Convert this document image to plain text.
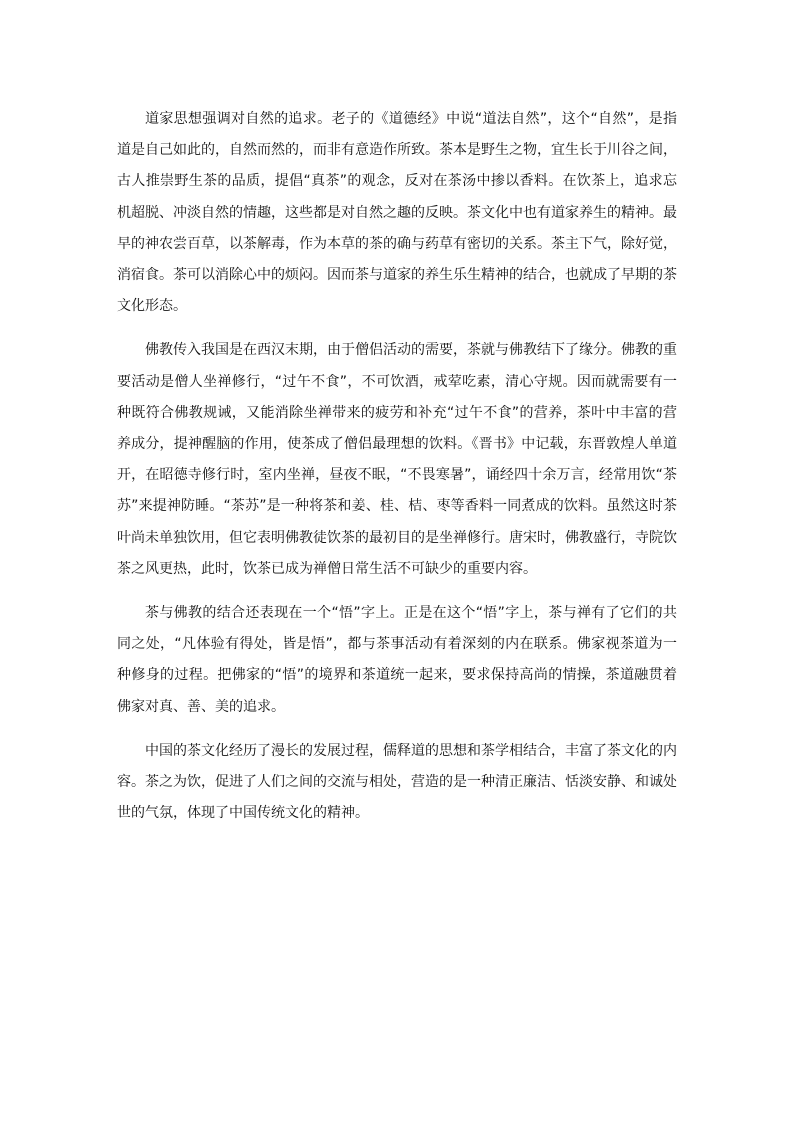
道家思想强调对自然的追求。老子的《道德经》中说“道法自然”，这个“自然”，是指道是自己如此的，自然而然的，而非有意造作所致。茶本是野生之物，宜生长于川谷之间，古人推崇野生茶的品质，提倡“真茶”的观念，反对在茶汤中掺以香料。在饮茶上，追求忘机超脱、冲淡自然的情趣，这些都是对自然之趣的反映。茶文化中也有道家养生的精神。最早的神农尝百草，以茶解毒，作为本草的茶的确与药草有密切的关系。茶主下气，除好觉，消宿食。茶可以消除心中的烦闷。因而茶与道家的养生乐生精神的结合，也就成了早期的茶文化形态。

佛教传入我国是在西汉末期，由于僧侣活动的需要，茶就与佛教结下了缘分。佛教的重要活动是僧人坐禅修行，“过午不食”，不可饮酒，戒荤吃素，清心守规。因而就需要有一种既符合佛教规诫，又能消除坐禅带来的疲劳和补充“过午不食”的营养，茶叶中丰富的营养成分，提神醒脑的作用，使茶成了僧侣最理想的饮料。《晋书》中记载，东晋敦煌人单道开，在昭德寺修行时，室内坐禅，昼夜不眠，“不畏寒暑”，诵经四十余万言，经常用饮“茶苏”来提神防睡。“茶苏”是一种将茶和姜、桂、桔、枣等香料一同煮成的饮料。虽然这时茶叶尚未单独饮用，但它表明佛教徒饮茶的最初目的是坐禅修行。唐宋时，佛教盛行，寺院饮茶之风更热，此时，饮茶已成为禅僧日常生活不可缺少的重要内容。

茶与佛教的结合还表现在一个“悟”字上。正是在这个“悟”字上，茶与禅有了它们的共同之处，“凡体验有得处，皆是悟”，都与茶事活动有着深刻的内在联系。佛家视茶道为一种修身的过程。把佛家的“悟”的境界和茶道统一起来，要求保持高尚的情操，茶道融贯着佛家对真、善、美的追求。

中国的茶文化经历了漫长的发展过程，儒释道的思想和茶学相结合，丰富了茶文化的内容。茶之为饮，促进了人们之间的交流与相处，营造的是一种清正廉洁、恬淡安静、和诚处世的气氛，体现了中国传统文化的精神。
